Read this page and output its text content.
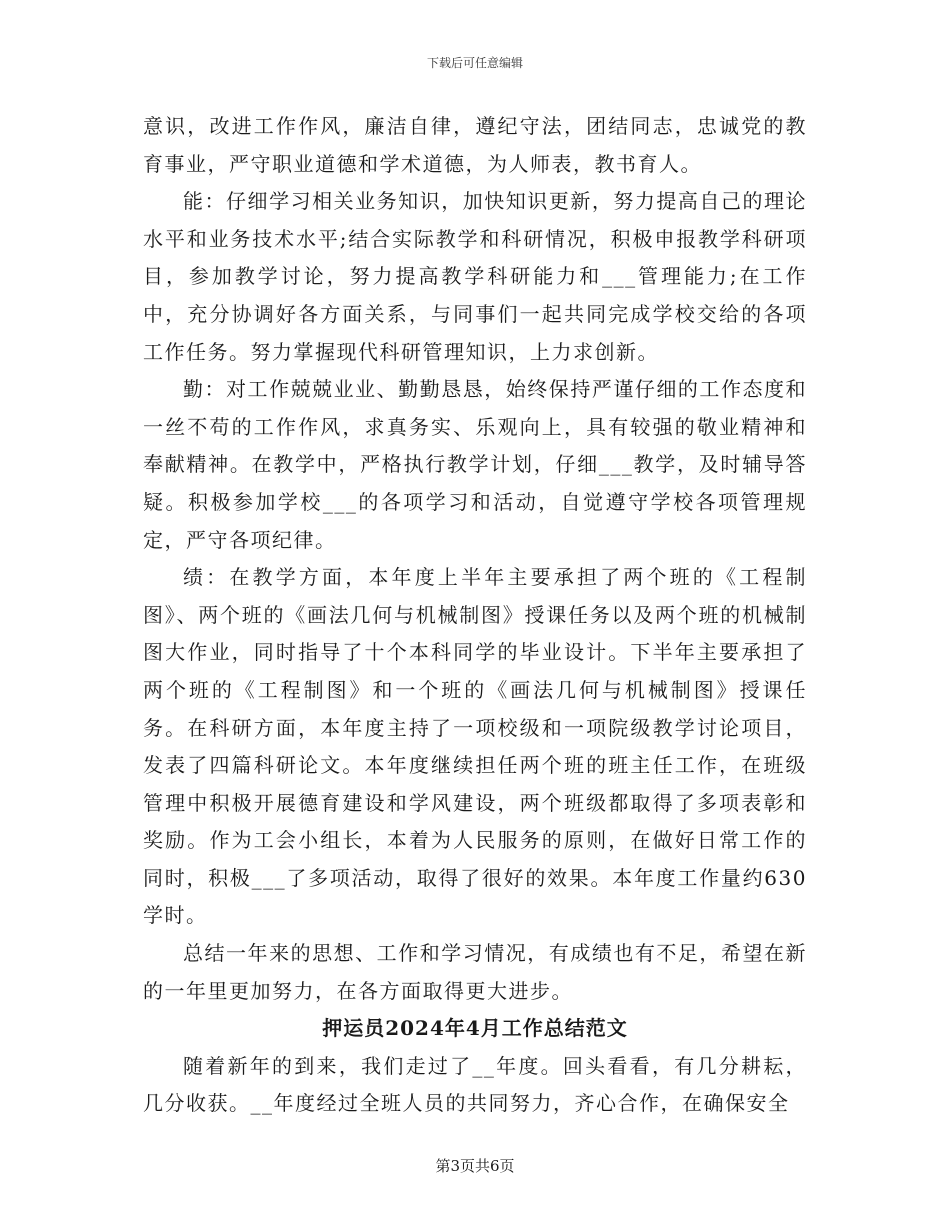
下载后可任意编辑

意识，改进工作作风，廉洁自律，遵纪守法，团结同志，忠诚党的教育事业，严守职业道德和学术道德，为人师表，教书育人。

能：仔细学习相关业务知识，加快知识更新，努力提高自己的理论水平和业务技术水平;结合实际教学和科研情况，积极申报教学科研项目，参加教学讨论，努力提高教学科研能力和___管理能力;在工作中，充分协调好各方面关系，与同事们一起共同完成学校交给的各项工作任务。努力掌握现代科研管理知识，上力求创新。

勤：对工作兢兢业业、勤勤恳恳，始终保持严谨仔细的工作态度和一丝不苟的工作作风，求真务实、乐观向上，具有较强的敬业精神和奉献精神。在教学中，严格执行教学计划，仔细___教学，及时辅导答疑。积极参加学校___的各项学习和活动，自觉遵守学校各项管理规定，严守各项纪律。

绩：在教学方面，本年度上半年主要承担了两个班的《工程制图》、两个班的《画法几何与机械制图》授课任务以及两个班的机械制图大作业，同时指导了十个本科同学的毕业设计。下半年主要承担了两个班的《工程制图》和一个班的《画法几何与机械制图》授课任务。在科研方面，本年度主持了一项校级和一项院级教学讨论项目，发表了四篇科研论文。本年度继续担任两个班的班主任工作，在班级管理中积极开展德育建设和学风建设，两个班级都取得了多项表彰和奖励。作为工会小组长，本着为人民服务的原则，在做好日常工作的同时，积极___了多项活动，取得了很好的效果。本年度工作量约630学时。

总结一年来的思想、工作和学习情况，有成绩也有不足，希望在新的一年里更加努力，在各方面取得更大进步。

押运员2024年4月工作总结范文

随着新年的到来，我们走过了__年度。回头看看，有几分耕耘，几分收获。__年度经过全班人员的共同努力，齐心合作，在确保安全

第3页共6页
